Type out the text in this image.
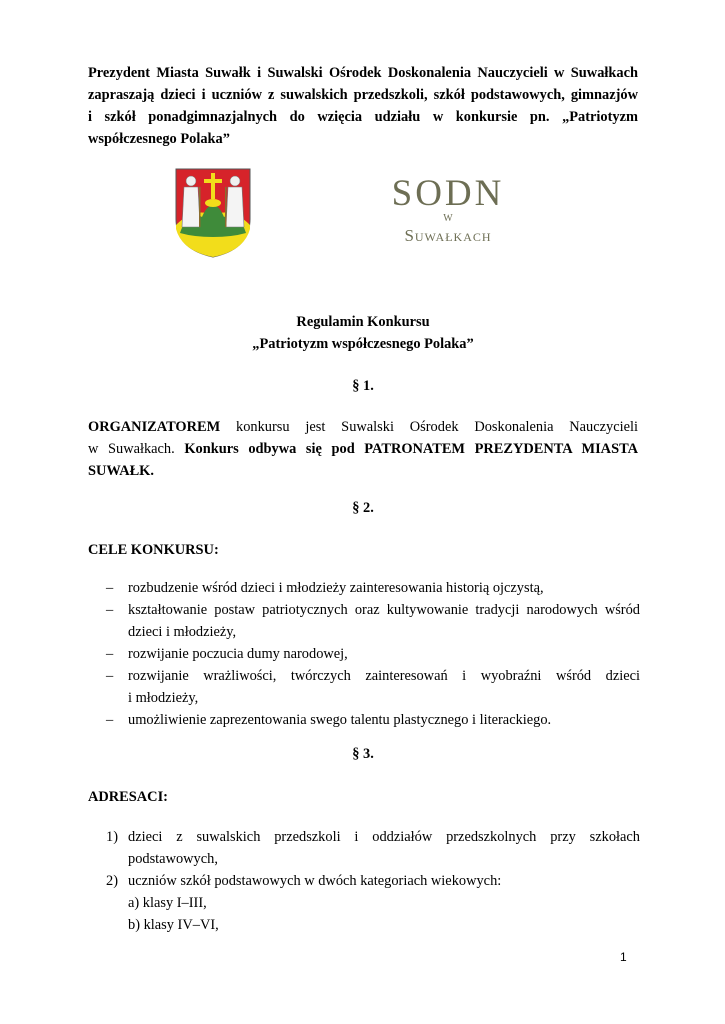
Prezydent Miasta Suwałk i Suwalski Ośrodek Doskonalenia Nauczycieli w Suwałkach
zapraszają dzieci i uczniów z suwalskich przedszkoli, szkół podstawowych, gimnazjów
i szkół ponadgimnazjalnych do wzięcia udziału w konkursie pn. „Patriotyzm
współczesnego Polaka”
SODN
W
Suwałkach
Regulamin Konkursu
„Patriotyzm współczesnego Polaka”
§ 1.
ORGANIZATOREM konkursu jest Suwalski Ośrodek Doskonalenia Nauczycieli
w Suwałkach. Konkurs odbywa się pod PATRONATEM PREZYDENTA MIASTA
SUWAŁK.
§ 2.
CELE KONKURSU:
– rozbudzenie wśród dzieci i młodzieży zainteresowania historią ojczystą,
– kształtowanie postaw patriotycznych oraz kultywowanie tradycji narodowych wśród
dzieci i młodzieży,
– rozwijanie poczucia dumy narodowej,
– rozwijanie wrażliwości, twórczych zainteresowań i wyobraźni wśród dzieci
i młodzieży,
– umożliwienie zaprezentowania swego talentu plastycznego i literackiego.
§ 3.
ADRESACI:
1) dzieci z suwalskich przedszkoli i oddziałów przedszkolnych przy szkołach
podstawowych,
2) uczniów szkół podstawowych w dwóch kategoriach wiekowych:
a) klasy I–III,
b) klasy IV–VI,
1
